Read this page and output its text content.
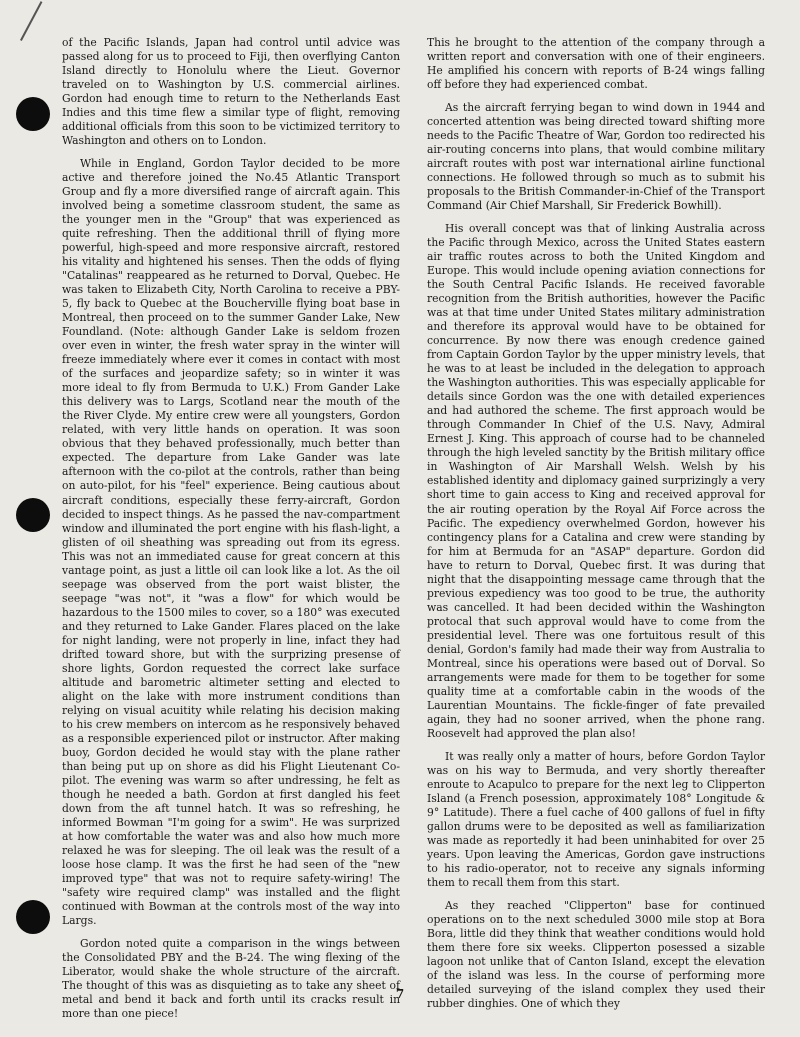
of the Pacific Islands, Japan had control until advice was passed along for us to proceed to Fiji, then overflying Canton Island directly to Honolulu where the Lieut. Governor traveled on to Washington by U.S. commercial airlines. Gordon had enough time to return to the Netherlands East Indies and this time flew a similar type of flight, removing additional officials from this soon to be victimized territory to Washington and others on to London.

While in England, Gordon Taylor decided to be more active and therefore joined the No.45 Atlantic Transport Group and fly a more diversified range of aircraft again. This involved being a sometime classroom student, the same as the younger men in the "Group" that was experienced as quite refreshing. Then the additional thrill of flying more powerful, high-speed and more responsive aircraft, restored his vitality and hightened his senses. Then the odds of flying "Catalinas" reappeared as he returned to Dorval, Quebec. He was taken to Elizabeth City, North Carolina to receive a PBY-5, fly back to Quebec at the Boucherville flying boat base in Montreal, then proceed on to the summer Gander Lake, New Foundland. (Note: although Gander Lake is seldom frozen over even in winter, the fresh water spray in the winter will freeze immediately where ever it comes in contact with most of the surfaces and jeopardize safety; so in winter it was more ideal to fly from Bermuda to U.K.) From Gander Lake this delivery was to Largs, Scotland near the mouth of the the River Clyde. My entire crew were all youngsters, Gordon related, with very little hands on operation. It was soon obvious that they behaved professionally, much better than expected. The departure from Lake Gander was late afternoon with the co-pilot at the controls, rather than being on auto-pilot, for his "feel" experience. Being cautious about aircraft conditions, especially these ferry-aircraft, Gordon decided to inspect things. As he passed the nav-compartment window and illuminated the port engine with his flash-light, a glisten of oil sheathing was spreading out from its egress. This was not an immediated cause for great concern at this vantage point, as just a little oil can look like a lot. As the oil seepage was observed from the port waist blister, the seepage "was not", it "was a flow" for which would be hazardous to the 1500 miles to cover, so a 180° was executed and they returned to Lake Gander. Flares placed on the lake for night landing, were not properly in line, infact they had drifted toward shore, but with the surprizing presense of shore lights, Gordon requested the correct lake surface altitude and barometric altimeter setting and elected to alight on the lake with more instrument conditions than relying on visual acuitity while relating his decision making to his crew members on intercom as he responsively behaved as a responsible experienced pilot or instructor. After making buoy, Gordon decided he would stay with the plane rather than being put up on shore as did his Flight Lieutenant Co-pilot. The evening was warm so after undressing, he felt as though he needed a bath. Gordon at first dangled his feet down from the aft tunnel hatch. It was so refreshing, he informed Bowman "I'm going for a swim". He was surprized at how comfortable the water was and also how much more relaxed he was for sleeping. The oil leak was the result of a loose hose clamp. It was the first he had seen of the "new improved type" that was not to require safety-wiring! The "safety wire required clamp" was installed and the flight continued with Bowman at the controls most of the way into Largs.

Gordon noted quite a comparison in the wings between the Consolidated PBY and the B-24. The wing flexing of the Liberator, would shake the whole structure of the aircraft. The thought of this was as disquieting as to take any sheet of metal and bend it back and forth until its cracks result in more than one piece!

This he brought to the attention of the company through a written report and conversation with one of their engineers. He amplified his concern with reports of B-24 wings falling off before they had experienced combat.

As the aircraft ferrying began to wind down in 1944 and concerted attention was being directed toward shifting more needs to the Pacific Theatre of War, Gordon too redirected his air-routing concerns into plans, that would combine military aircraft routes with post war international airline functional connections. He followed through so much as to submit his proposals to the British Commander-in-Chief of the Transport Command (Air Chief Marshall, Sir Frederick Bowhill).

His overall concept was that of linking Australia across the Pacific through Mexico, across the United States eastern air traffic routes across to both the United Kingdom and Europe. This would include opening aviation connections for the South Central Pacific Islands. He received favorable recognition from the British authorities, however the Pacific was at that time under United States military administration and therefore its approval would have to be obtained for concurrence. By now there was enough credence gained from Captain Gordon Taylor by the upper ministry levels, that he was to at least be included in the delegation to approach the Washington authorities. This was especially applicable for details since Gordon was the one with detailed experiences and had authored the scheme. The first approach would be through Commander In Chief of the U.S. Navy, Admiral Ernest J. King. This approach of course had to be channeled through the high leveled sanctity by the British military office in Washington of Air Marshall Welsh. Welsh by his established identity and diplomacy gained surprizingly a very short time to gain access to King and received approval for the air routing operation by the Royal Aif Force across the Pacific. The expediency overwhelmed Gordon, however his contingency plans for a Catalina and crew were standing by for him at Bermuda for an "ASAP" departure. Gordon did have to return to Dorval, Quebec first. It was during that night that the disappointing message came through that the previous expediency was too good to be true, the authority was cancelled. It had been decided within the Washington protocal that such approval would have to come from the presidential level. There was one fortuitous result of this denial, Gordon's family had made their way from Australia to Montreal, since his operations were based out of Dorval. So arrangements were made for them to be together for some quality time at a comfortable cabin in the woods of the Laurentian Mountains. The fickle-finger of fate prevailed again, they had no sooner arrived, when the phone rang. Roosevelt had approved the plan also!

It was really only a matter of hours, before Gordon Taylor was on his way to Bermuda, and very shortly thereafter enroute to Acapulco to prepare for the next leg to Clipperton Island (a French posession, approximately 108° Longitude & 9° Latitude). There a fuel cache of 400 gallons of fuel in fifty gallon drums were to be deposited as well as familiarization was made as reportedly it had been uninhabited for over 25 years. Upon leaving the Americas, Gordon gave instructions to his radio-operator, not to receive any signals informing them to recall them from this start.

As they reached "Clipperton" base for continued operations on to the next scheduled 3000 mile stop at Bora Bora, little did they think that weather conditions would hold them there fore six weeks. Clipperton posessed a sizable lagoon not unlike that of Canton Island, except the elevation of the island was less. In the course of performing more detailed surveying of the island complex they used their rubber dinghies. One of which they

7
